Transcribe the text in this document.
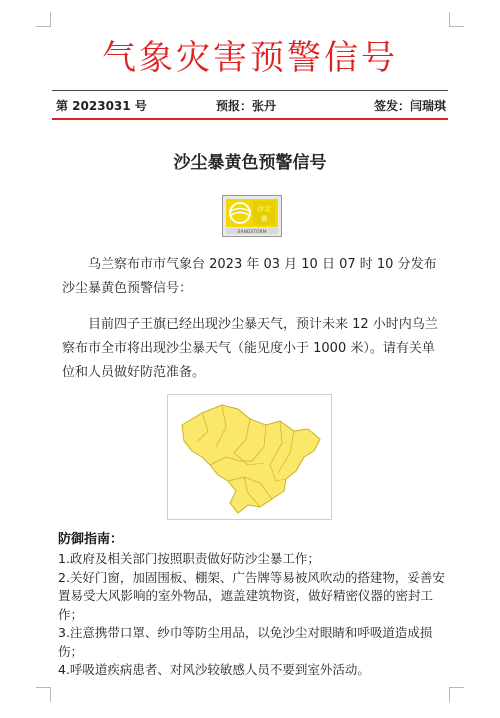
气象灾害预警信号
第 2023031 号	预报：张丹	签发：闫瑞琪
沙尘暴黄色预警信号
沙尘
黄
SANDSTORM
乌兰察布市市气象台 2023 年 03 月 10 日 07 时 10 分发布沙尘暴黄色预警信号：
目前四子王旗已经出现沙尘暴天气，预计未来 12 小时内乌兰察布市全市将出现沙尘暴天气（能见度小于 1000 米）。请有关单位和人员做好防范准备。
防御指南：
1.政府及相关部门按照职责做好防沙尘暴工作；
2.关好门窗，加固围板、棚架、广告牌等易被风吹动的搭建物，妥善安置易受大风影响的室外物品，遮盖建筑物资，做好精密仪器的密封工作；
3.注意携带口罩、纱巾等防尘用品，以免沙尘对眼睛和呼吸道造成损伤；
4.呼吸道疾病患者、对风沙较敏感人员不要到室外活动。
